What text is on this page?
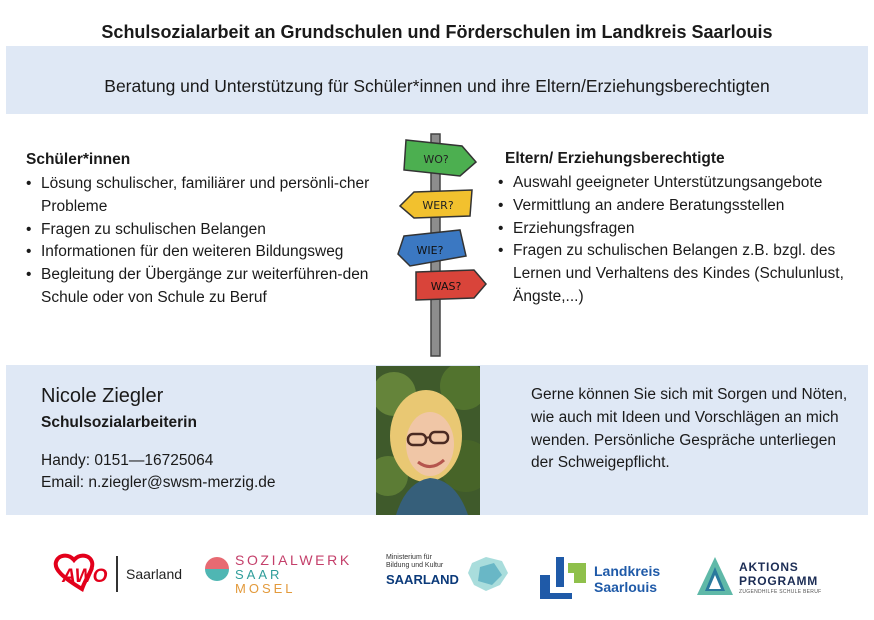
Schulsozialarbeit an Grundschulen und Förderschulen im Landkreis Saarlouis
Beratung und Unterstützung für Schüler*innen und ihre Eltern/Erziehungsberechtigten
Schüler*innen
• Lösung schulischer, familiärer und persönli-cher Probleme
• Fragen zu schulischen Belangen
• Informationen für den weiteren Bildungsweg
• Begleitung der Übergänge zur weiterführen-den Schule oder von Schule zu Beruf
WO?
WER?
WIE?
WAS?
Eltern/ Erziehungsberechtigte
• Auswahl geeigneter Unterstützungsangebote
• Vermittlung an andere Beratungsstellen
• Erziehungsfragen
• Fragen zu schulischen Belangen z.B. bzgl. des Lernen und Verhaltens des Kindes (Schulunlust, Ängste,...)
Nicole Ziegler
Schulsozialarbeiterin
Handy: 0151—16725064
Email: n.ziegler@swsm-merzig.de
Gerne können Sie sich mit Sorgen und Nöten, wie auch mit Ideen und Vorschlägen an mich wenden. Persönliche Gespräche unterliegen der Schweigepflicht.
AWO Saarland
SOZIALWERK
SAAR
MOSEL
Ministerium für
Bildung und Kultur
SAARLAND
Landkreis
Saarlouis
AKTIONS
PROGRAMM
ZUGENDHILFE SCHULE BERUF
